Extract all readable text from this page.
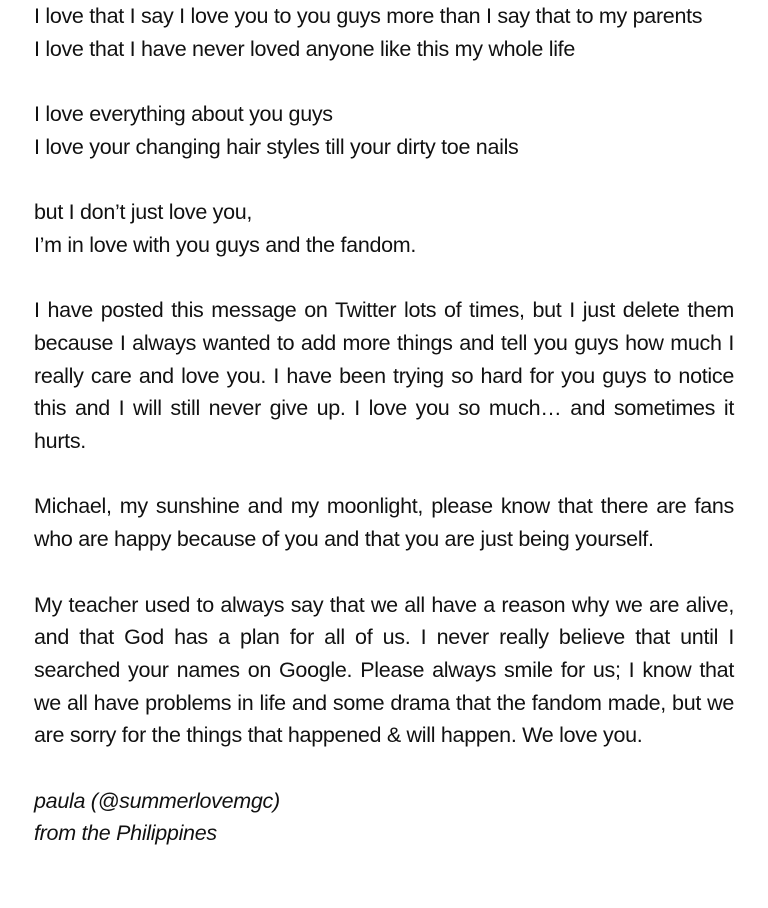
I love that I say I love you to you guys more than I say that to my parents
I love that I have never loved anyone like this my whole life

I love everything about you guys
I love your changing hair styles till your dirty toe nails

but I don’t just love you,
I’m in love with you guys and the fandom.

I have posted this message on Twitter lots of times, but I just delete them because I always wanted to add more things and tell you guys how much I really care and love you. I have been trying so hard for you guys to notice this and I will still never give up. I love you so much… and sometimes it hurts.

Michael, my sunshine and my moonlight, please know that there are fans who are happy because of you and that you are just being yourself.

My teacher used to always say that we all have a reason why we are alive, and that God has a plan for all of us. I never really believe that until I searched your names on Google. Please always smile for us; I know that we all have problems in life and some drama that the fandom made, but we are sorry for the things that happened & will happen. We love you.

paula (@summerlovemgc)

from the Philippines
